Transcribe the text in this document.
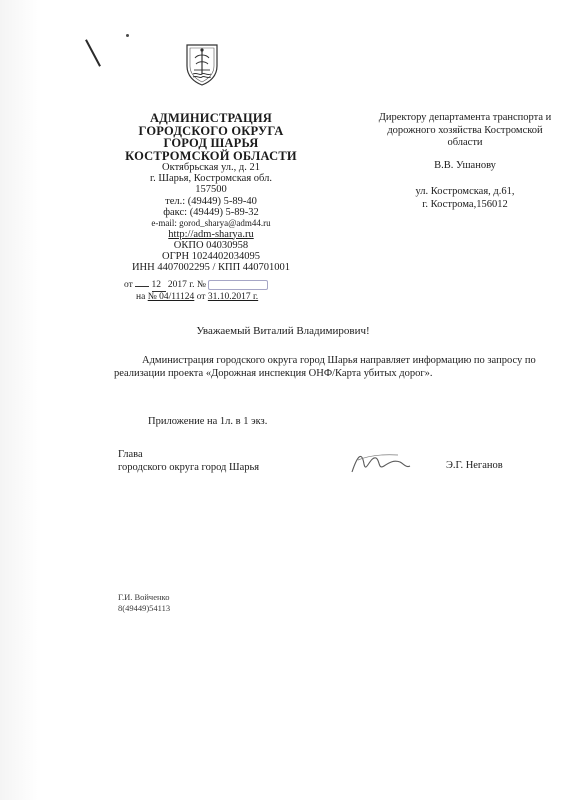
АДМИНИСТРАЦИЯ
ГОРОДСКОГО ОКРУГА
ГОРОД ШАРЬЯ
КОСТРОМСКОЙ ОБЛАСТИ
Октябрьская ул., д. 21
г. Шарья, Костромская обл.
157500
тел.: (49449) 5-89-40
факс: (49449) 5-89-32
e-mail: gorod_sharya@adm44.ru
http://adm-sharya.ru
ОКПО 04030958
ОГРН 1024402034095
ИНН 4407002295 / КПП 440701001
от 12 2017 г. №
на № 04/11124 от 31.10.2017 г.
Директору департамента транспорта и дорожного хозяйства Костромской области
В.В. Ушанову
ул. Костромская, д.61,
г. Кострома,156012
Уважаемый Виталий Владимирович!
Администрация городского округа город Шарья направляет информацию по запросу по реализации проекта «Дорожная инспекция ОНФ/Карта убитых дорог».
Приложение на 1л. в 1 экз.
Глава
городского округа город Шарья	Э.Г. Неганов
Г.И. Войченко
8(49449)54113
